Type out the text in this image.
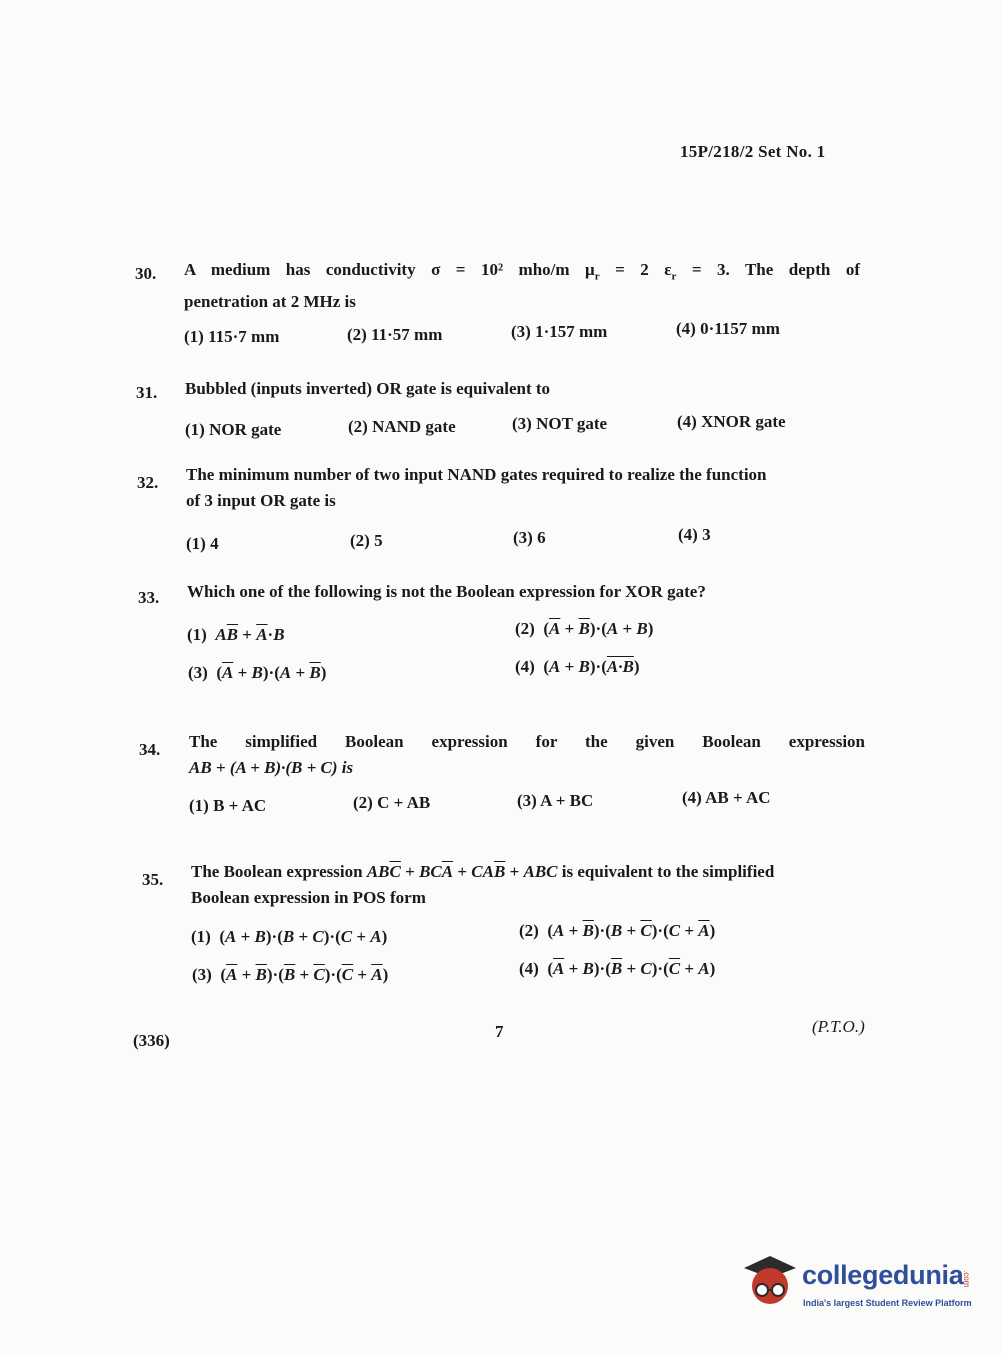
15P/218/2 Set No. 1
30. A medium has conductivity σ = 10² mho/m $\mu_r = 2$ $\varepsilon_r = 3$. The depth of
penetration at 2 MHz is
(1) 115·7 mm	(2) 11·57 mm	(3) 1·157 mm	(4) 0·1157 mm
31. Bubbled (inputs inverted) OR gate is equivalent to
(1) NOR gate	(2) NAND gate	(3) NOT gate	(4) XNOR gate
32. The minimum number of two input NAND gates required to realize the function
of 3 input OR gate is
(1) 4	(2) 5	(3) 6	(4) 3
33. Which one of the following is not the Boolean expression for XOR gate?
(1) $A\overline{B} + \overline{A}\cdot B$	(2)  $(\overline{A} + \overline{B})\cdot(A + B)$
(3)  $(\overline{A} + B)\cdot(A + \overline{B})$	(4)  (A + B)·(A·B)
34. The simplified Boolean expression for the given Boolean expression
AB + (A + B)·(B + C) is
(1) B + AC	(2) C + AB	(3) A + BC	(4) AB + AC
35. The Boolean expression $AB\overline{C} + BC\overline{A} + CA\overline{B}$ + ABC is equivalent to the simplified
Boolean expression in POS form
(1)  (A + B)·(B + C)·(C + A)	(2)  $(A + \overline{B})\cdot(B + \overline{C})\cdot(C + \overline{A})$
(3)  $(\overline{A} + \overline{B})\cdot(\overline{B} + \overline{C})\cdot(\overline{C} + \overline{A})$	(4)  $(\overline{A} + B)\cdot(\overline{B} + C)\cdot(\overline{C} + A)$
(336)	7	(P.T.O.)
collegedunia
.com
India's largest Student Review Platform
